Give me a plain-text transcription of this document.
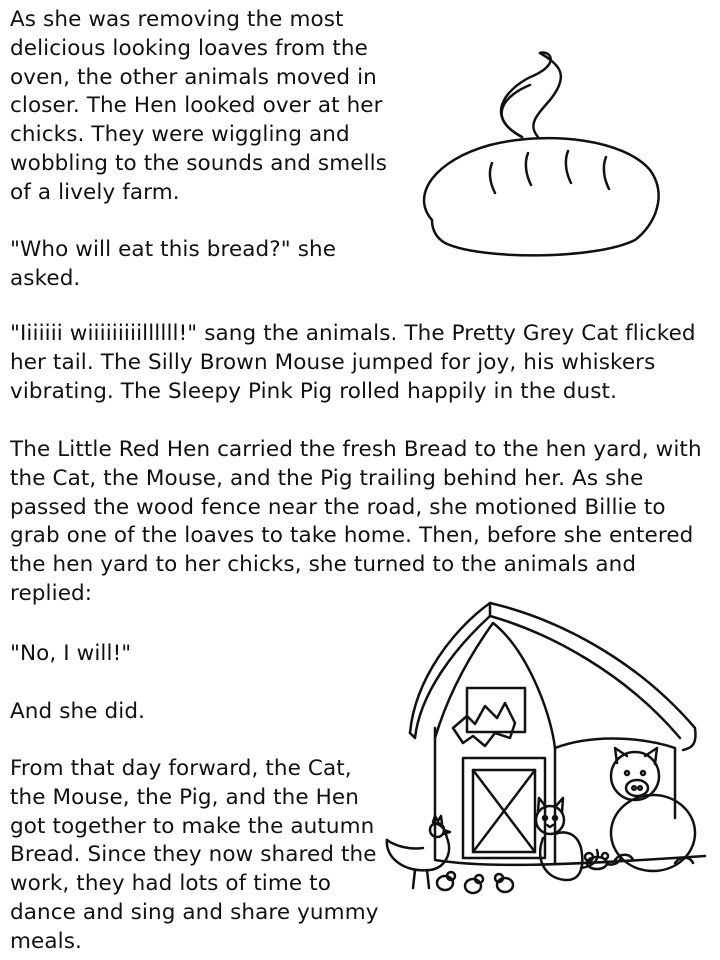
As she was removing the most delicious looking loaves from the oven, the other animals moved in closer. The Hen looked over at her chicks. They were wiggling and wobbling to the sounds and smells of a lively farm.

"Who will eat this bread?" she asked.

"Iiiiiii wiiiiiiiiillllll!" sang the animals. The Pretty Grey Cat flicked her tail. The Silly Brown Mouse jumped for joy, his whiskers vibrating. The Sleepy Pink Pig rolled happily in the dust.

The Little Red Hen carried the fresh Bread to the hen yard, with the Cat, the Mouse, and the Pig trailing behind her. As she passed the wood fence near the road, she motioned Billie to grab one of the loaves to take home. Then, before she entered the hen yard to her chicks, she turned to the animals and replied:

"No, I will!"

And she did.

From that day forward, the Cat, the Mouse, the Pig, and the Hen got together to make the autumn Bread. Since they now shared the work, they had lots of time to dance and sing and share yummy meals.
